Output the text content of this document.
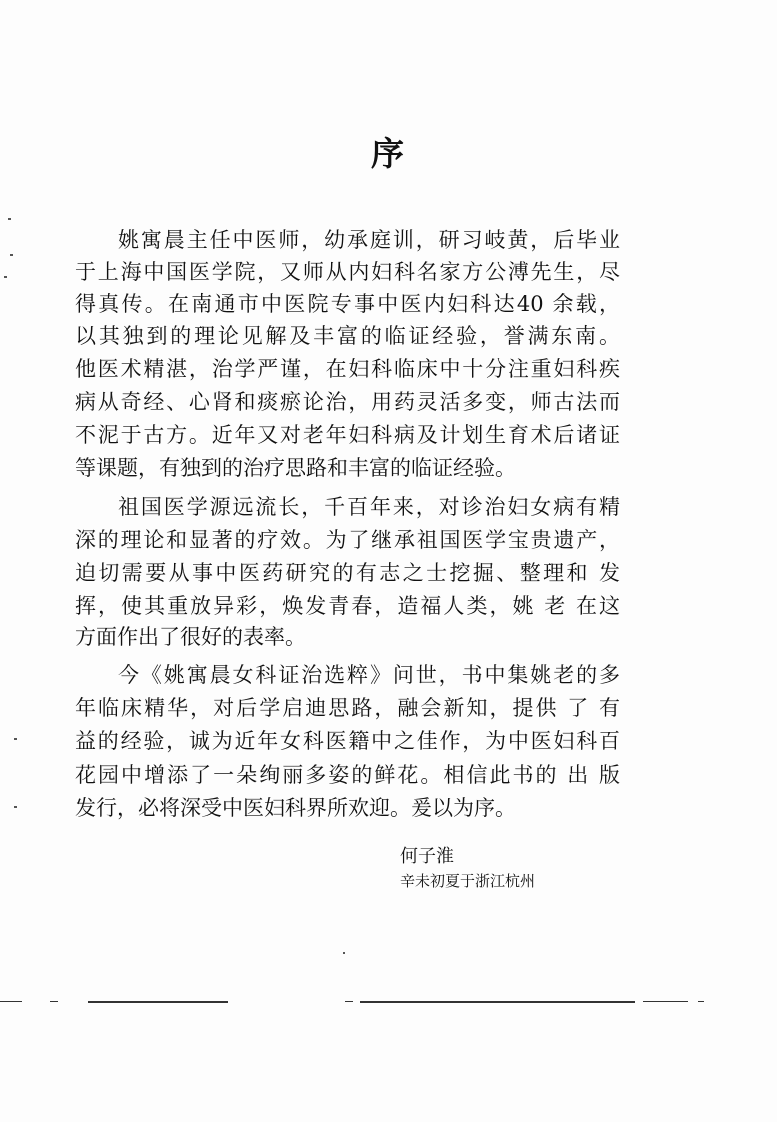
序
姚寓晨主任中医师，幼承庭训，研习岐黄，后毕业
于上海中国医学院，又师从内妇科名家方公溥先生，尽
得真传。在南通市中医院专事中医内妇科达40 余载，
以其独到的理论见解及丰富的临证经验，誉满东南。
他医术精湛，治学严谨，在妇科临床中十分注重妇科疾
病从奇经、心肾和痰瘀论治，用药灵活多变，师古法而
不泥于古方。近年又对老年妇科病及计划生育术后诸证
等课题，有独到的治疗思路和丰富的临证经验。
祖国医学源远流长，千百年来，对诊治妇女病有精
深的理论和显著的疗效。为了继承祖国医学宝贵遗产，
迫切需要从事中医药研究的有志之士挖掘、整理和 发
挥，使其重放异彩，焕发青春，造福人类，姚 老 在这
方面作出了很好的表率。
今《姚寓晨女科证治选粹》问世，书中集姚老的多
年临床精华，对后学启迪思路，融会新知，提供 了 有
益的经验，诚为近年女科医籍中之佳作，为中医妇科百
花园中增添了一朵绚丽多姿的鲜花。相信此书的 出 版
发行，必将深受中医妇科界所欢迎。爰以为序。
何子淮
辛未初夏于浙江杭州
